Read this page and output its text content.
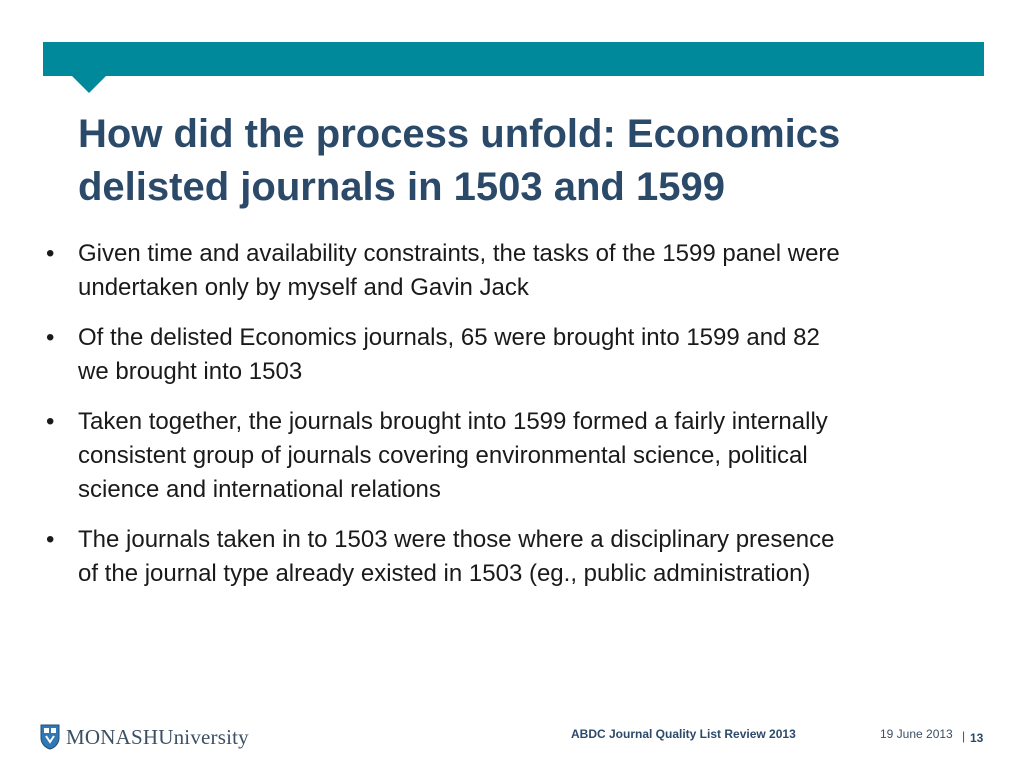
How did the process unfold: Economics
delisted journals in 1503 and 1599
• Given time and availability constraints, the tasks of the 1599 panel were
undertaken only by myself and Gavin Jack
• Of the delisted Economics journals, 65 were brought into 1599 and 82
we brought into 1503
• Taken together, the journals brought into 1599 formed a fairly internally
consistent group of journals covering environmental science, political
science and international relations
• The journals taken in to 1503 were those where a disciplinary presence
of the journal type already existed in 1503 (eg., public administration)
MONASHUniversity	ABDC Journal Quality List Review 2013	19 June 2013 | 13
